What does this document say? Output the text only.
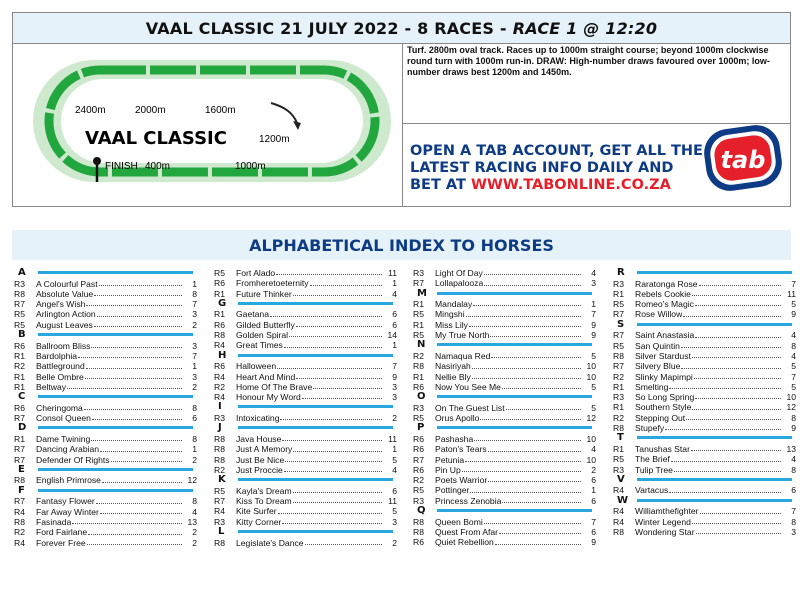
VAAL CLASSIC 21 JULY 2022 - 8 RACES - RACE 1 @ 12:20
2400m	2000m	1600m
1200m
VAAL CLASSIC
FINISH 400m	1000m
Turf. 2800m oval track. Races up to 1000m straight course; beyond 1000m clockwise round turn with 1000m run-in. DRAW: High-number draws favoured over 1000m; low-number draws best 1200m and 1450m.
OPEN A TAB ACCOUNT, GET ALL THE
LATEST RACING INFO DAILY AND
BET AT WWW.TABONLINE.CO.ZA
tab
ALPHABETICAL INDEX TO HORSES
A
R3	A Colourful Past	1
R8	Absolute Value	8
R7	Angel's Wish	7
R5	Arlington Action	3
R5	August Leaves	2
B
R6	Ballroom Bliss	3
R1	Bardolphia	7
R2	Battleground	1
R1	Belle Ombre	3
R1	Beltway	2
C
R6	Cheringoma	8
R7	Consol Queen	6
D
R1	Dame Twining	8
R7	Dancing Arabian	1
R7	Defender Of Rights	2
E
R8	English Primrose	12
F
R7	Fantasy Flower	8
R4	Far Away Winter	4
R8	Fasinada	13
R2	Ford Fairlane	2
R4	Forever Free	2
R5	Fort Alado	11
R6	Fromheretoeternity	1
R1	Future Thinker	4
G
R1	Gaetana	6
R6	Gilded Butterfly	6
R8	Golden Spiral	14
R4	Great Times	1
H
R6	Halloween	7
R4	Heart And Mind	9
R2	Home Of The Brave	3
R4	Honour My Word	3
I
R3	Intoxicating	2
J
R8	Java House	11
R8	Just A Memory	1
R8	Just Be Nice	5
R2	Just Proccie	4
K
R5	Kayla's Dream	6
R7	Kiss To Dream	11
R4	Kite Surfer	5
R3	Kitty Corner	3
L
R8	Legislate's Dance	2
R3	Light Of Day	4
R7	Lollapalooza	3
M
R1	Mandalay	1
R5	Mingshi	7
R1	Miss Lily	9
R5	My True North	9
N
R2	Namaqua Red	5
R8	Nasiriyah	10
R1	Nellie Bly	10
R6	Now You See Me	5
O
R3	On The Guest List	5
R5	Orus Apollo	12
P
R6	Pashasha	10
R6	Paton's Tears	4
R7	Petunia	10
R6	Pin Up	2
R2	Poets Warrior	6
R5	Pottinger	1
R3	Princess Zenobia	6
Q
R8	Queen Bomi	7
R8	Quest From Afar	6
R6	Quiet Rebellion	9
R
R3	Raratonga Rose	7
R1	Rebels Cookie	11
R5	Romeo's Magic	5
R7	Rose Willow	9
S
R7	Saint Anastasia	4
R5	San Quintin	8
R8	Silver Stardust	4
R7	Silvery Blue	5
R2	Slinky Mapimpi	7
R1	Smelting	5
R3	So Long Spring	10
R1	Southern Style	12
R2	Stepping Out	8
R8	Stupefy	9
T
R1	Tanushas Star	13
R5	The Brief	4
R3	Tulip Tree	8
V
R4	Vartacus	6
W
R4	Williamthefighter	7
R4	Winter Legend	8
R8	Wondering Star	3
